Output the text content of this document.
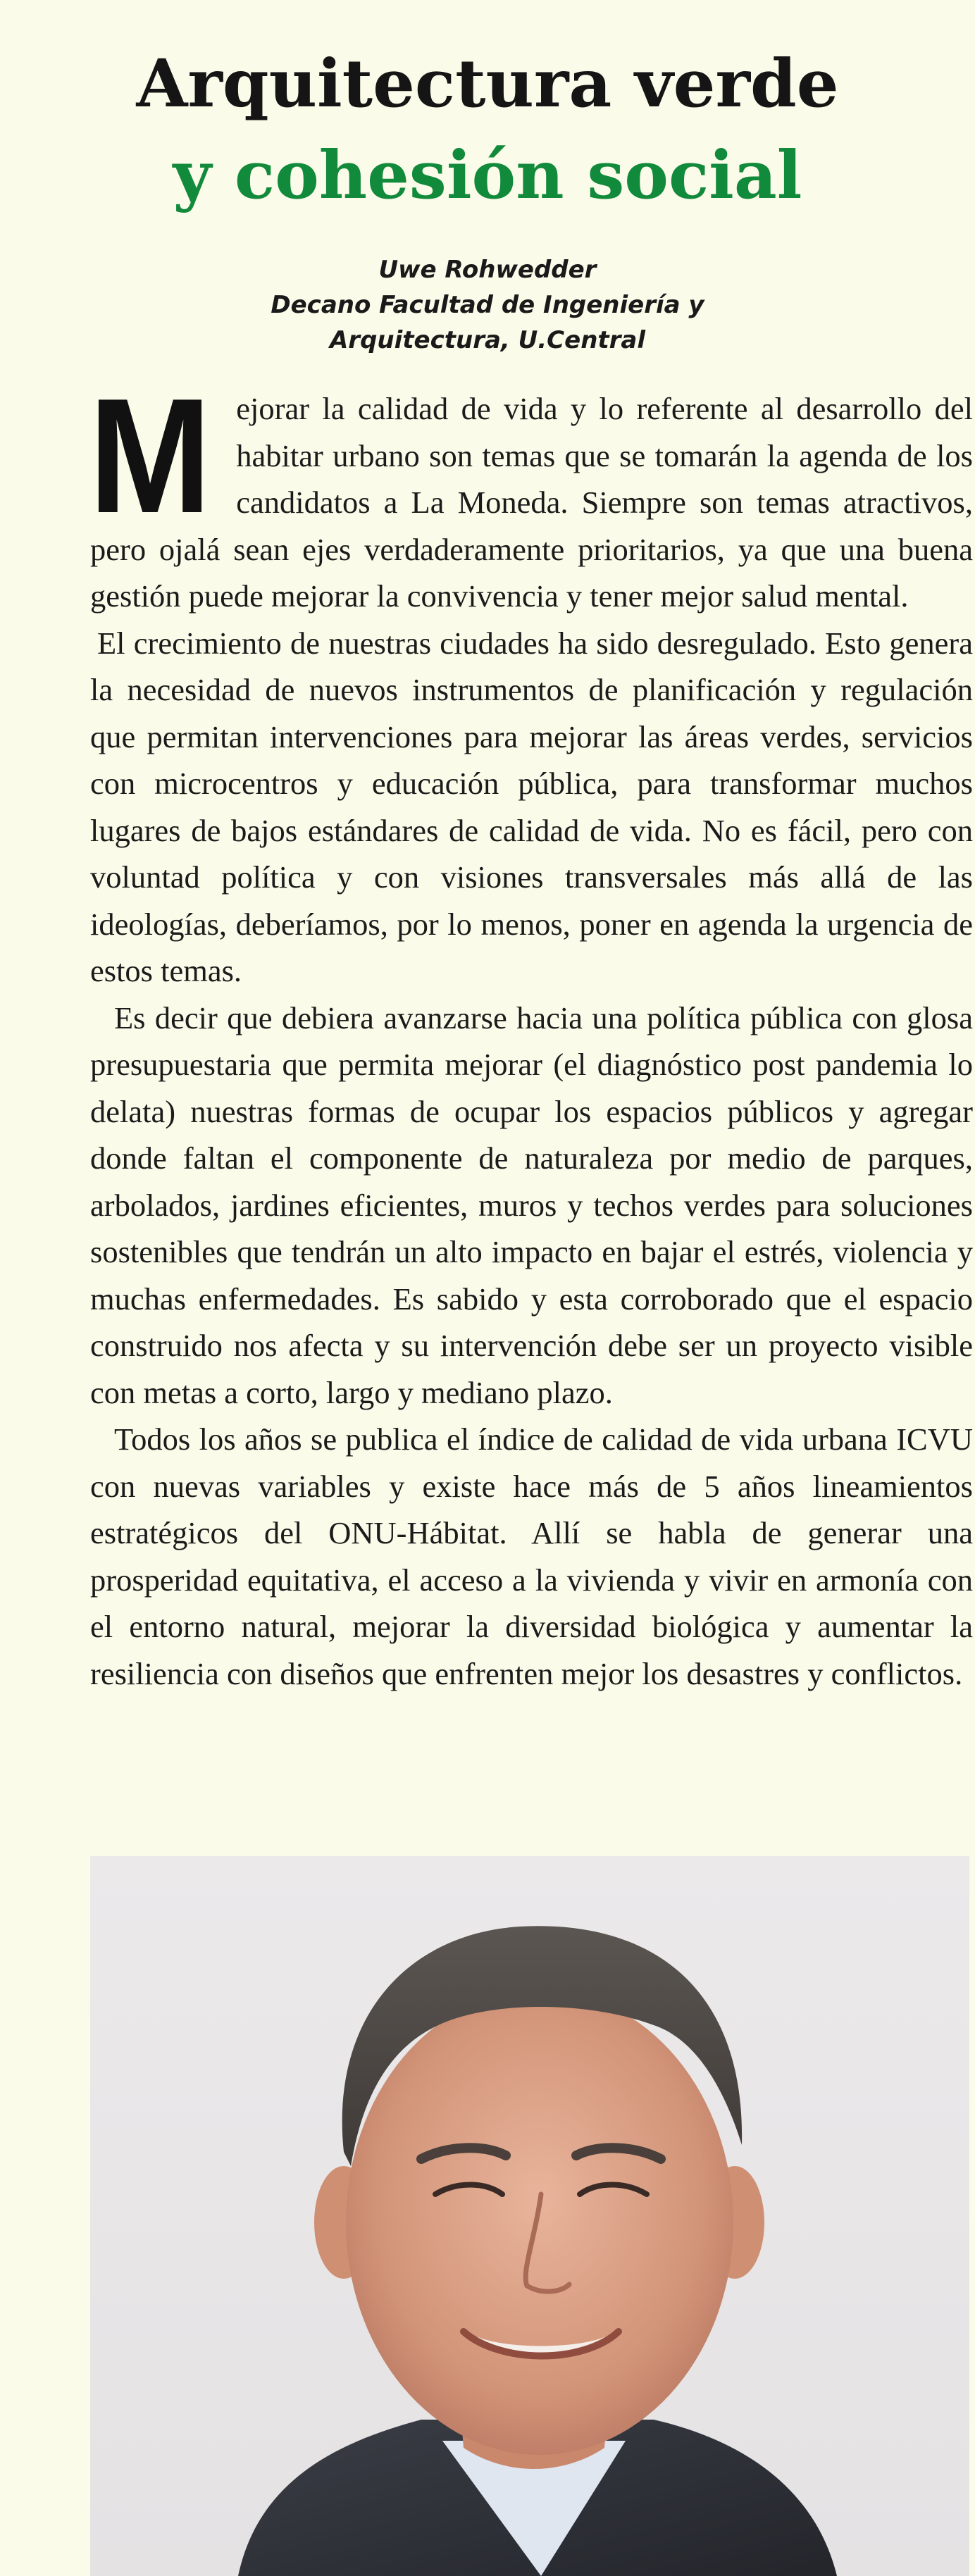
Arquitectura verde
y cohesión social
Uwe Rohwedder
Decano Facultad de Ingeniería y
Arquitectura, U.Central

Mejorar la calidad de vida y lo referente al desarrollo del habitar urbano son temas que se tomarán la agenda de los candidatos a La Moneda. Siempre son temas atractivos, pero ojalá sean ejes verdaderamente prioritarios, ya que una buena gestión puede mejorar la convivencia y tener mejor salud mental.

El crecimiento de nuestras ciudades ha sido desregulado. Esto genera la necesidad de nuevos instrumentos de planificación y regulación que permitan intervenciones para mejorar las áreas verdes, servicios con microcentros y educación pública, para transformar muchos lugares de bajos estándares de calidad de vida. No es fácil, pero con voluntad política y con visiones transversales más allá de las ideologías, deberíamos, por lo menos, poner en agenda la urgencia de estos temas.

Es decir que debiera avanzarse hacia una política pública con glosa presupuestaria que permita mejorar (el diagnóstico post pandemia lo delata) nuestras formas de ocupar los espacios públicos y agregar donde faltan el componente de naturaleza por medio de parques, arbolados, jardines eficientes, muros y techos verdes para soluciones sostenibles que tendrán un alto impacto en bajar el estrés, violencia y muchas enfermedades. Es sabido y esta corroborado que el espacio construido nos afecta y su intervención debe ser un proyecto visible con metas a corto, largo y mediano plazo.

Todos los años se publica el índice de calidad de vida urbana ICVU con nuevas variables y existe hace más de 5 años lineamientos estratégicos del ONU-Hábitat. Allí se habla de generar una prosperidad equitativa, el acceso a la vivienda y vivir en armonía con el entorno natural, mejorar la diversidad biológica y aumentar la resiliencia con diseños que enfrenten mejor los desastres y conflictos.
